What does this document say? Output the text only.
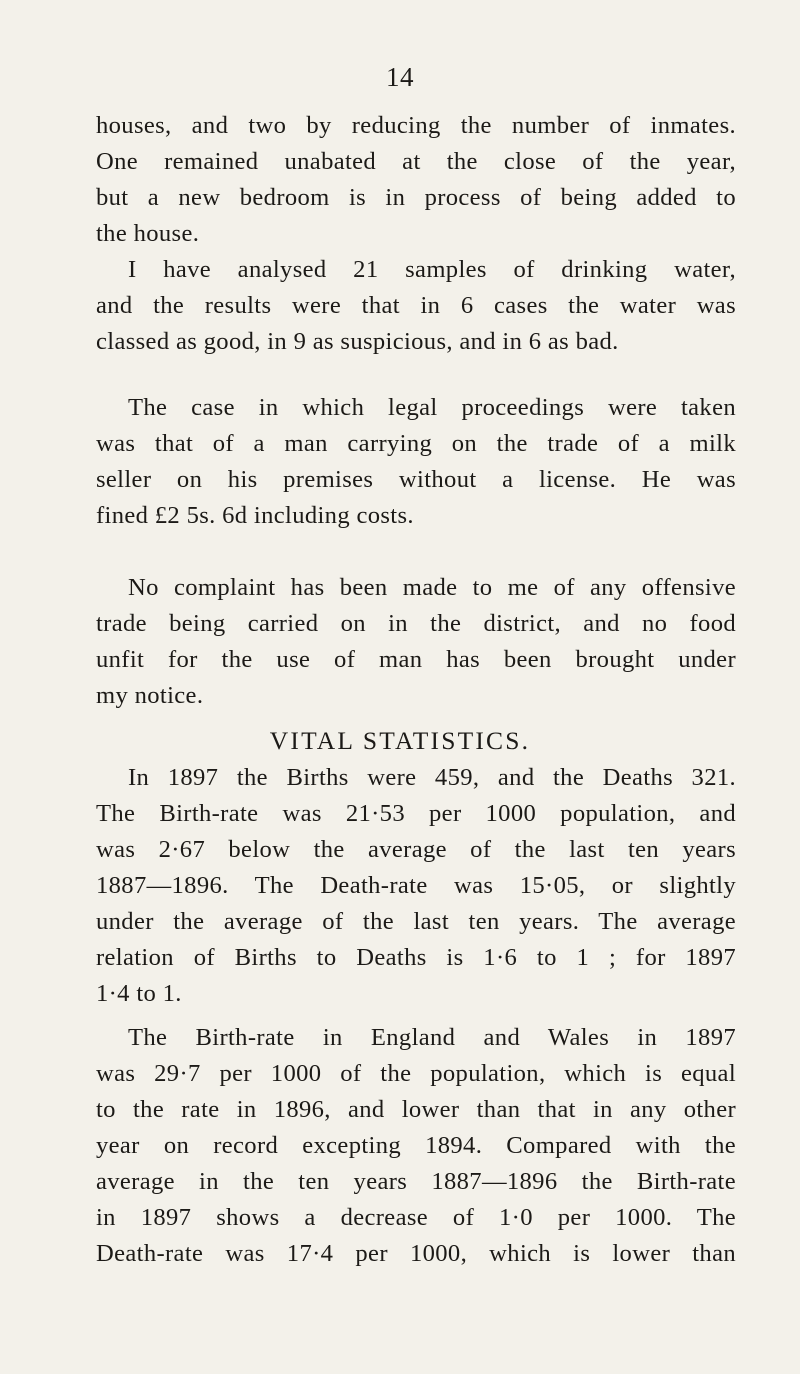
14
houses, and two by reducing the number of inmates.
One remained unabated at the close of the year,
but a new bedroom is in process of being added to
the house.
I have analysed 21 samples of drinking water,
and the results were that in 6 cases the water was
classed as good, in 9 as suspicious, and in 6 as bad.
The case in which legal proceedings were taken
was that of a man carrying on the trade of a milk
seller on his premises without a license. He was
fined £2 5s. 6d including costs.
No complaint has been made to me of any offensive
trade being carried on in the district, and no food
unfit for the use of man has been brought under
my notice.
VITAL STATISTICS.
In 1897 the Births were 459, and the Deaths 321.
The Birth-rate was 21·53 per 1000 population, and
was 2·67 below the average of the last ten years
1887—1896. The Death-rate was 15·05, or slightly
under the average of the last ten years. The average
relation of Births to Deaths is 1·6 to 1 ; for 1897
1·4 to 1.
The Birth-rate in England and Wales in 1897
was 29·7 per 1000 of the population, which is equal
to the rate in 1896, and lower than that in any other
year on record excepting 1894. Compared with the
average in the ten years 1887—1896 the Birth-rate
in 1897 shows a decrease of 1·0 per 1000. The
Death-rate was 17·4 per 1000, which is lower than
